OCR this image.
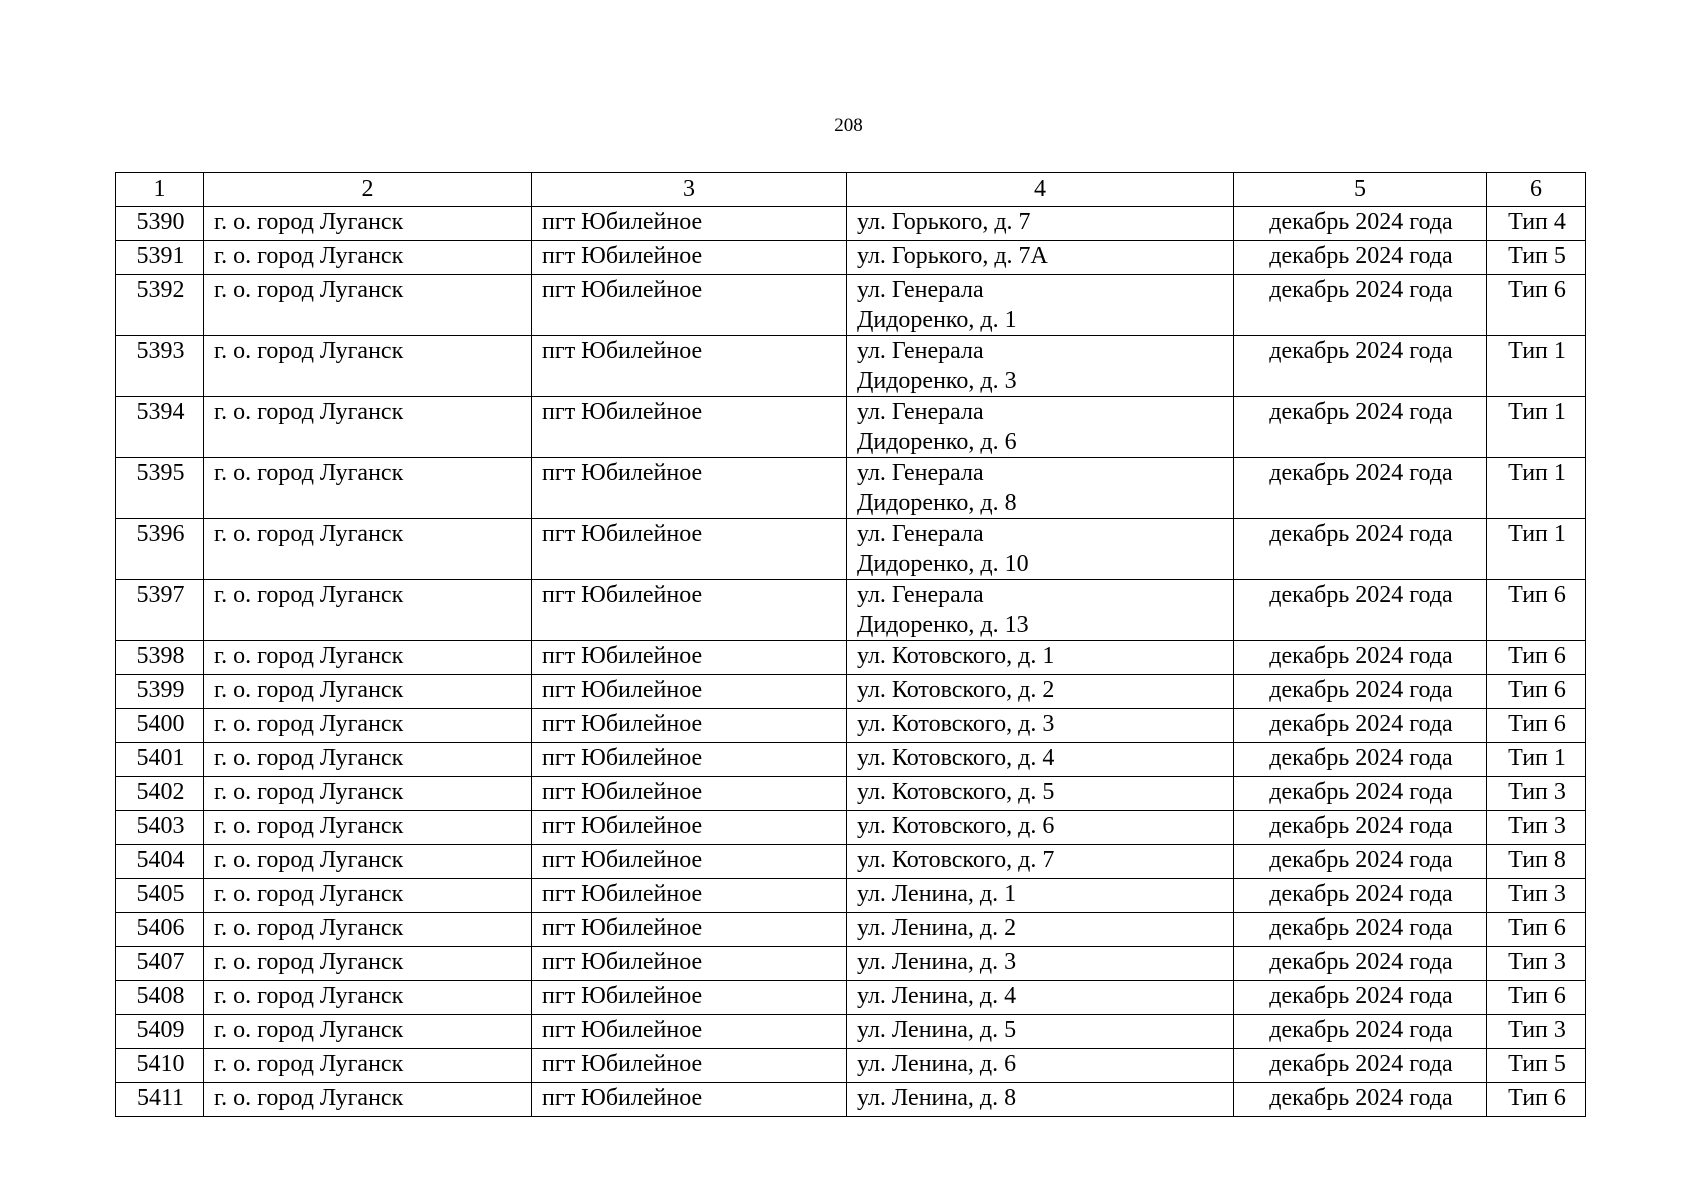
208
1	2	3	4	5	6
5390	г. о. город Луганск	пгт Юбилейное	ул. Горького, д. 7	декабрь 2024 года	Тип 4
5391	г. о. город Луганск	пгт Юбилейное	ул. Горького, д. 7А	декабрь 2024 года	Тип 5
5392	г. о. город Луганск	пгт Юбилейное	ул. Генерала
Дидоренко, д. 1	декабрь 2024 года	Тип 6
5393	г. о. город Луганск	пгт Юбилейное	ул. Генерала
Дидоренко, д. 3	декабрь 2024 года	Тип 1
5394	г. о. город Луганск	пгт Юбилейное	ул. Генерала
Дидоренко, д. 6	декабрь 2024 года	Тип 1
5395	г. о. город Луганск	пгт Юбилейное	ул. Генерала
Дидоренко, д. 8	декабрь 2024 года	Тип 1
5396	г. о. город Луганск	пгт Юбилейное	ул. Генерала
Дидоренко, д. 10	декабрь 2024 года	Тип 1
5397	г. о. город Луганск	пгт Юбилейное	ул. Генерала
Дидоренко, д. 13	декабрь 2024 года	Тип 6
5398	г. о. город Луганск	пгт Юбилейное	ул. Котовского, д. 1	декабрь 2024 года	Тип 6
5399	г. о. город Луганск	пгт Юбилейное	ул. Котовского, д. 2	декабрь 2024 года	Тип 6
5400	г. о. город Луганск	пгт Юбилейное	ул. Котовского, д. 3	декабрь 2024 года	Тип 6
5401	г. о. город Луганск	пгт Юбилейное	ул. Котовского, д. 4	декабрь 2024 года	Тип 1
5402	г. о. город Луганск	пгт Юбилейное	ул. Котовского, д. 5	декабрь 2024 года	Тип 3
5403	г. о. город Луганск	пгт Юбилейное	ул. Котовского, д. 6	декабрь 2024 года	Тип 3
5404	г. о. город Луганск	пгт Юбилейное	ул. Котовского, д. 7	декабрь 2024 года	Тип 8
5405	г. о. город Луганск	пгт Юбилейное	ул. Ленина, д. 1	декабрь 2024 года	Тип 3
5406	г. о. город Луганск	пгт Юбилейное	ул. Ленина, д. 2	декабрь 2024 года	Тип 6
5407	г. о. город Луганск	пгт Юбилейное	ул. Ленина, д. 3	декабрь 2024 года	Тип 3
5408	г. о. город Луганск	пгт Юбилейное	ул. Ленина, д. 4	декабрь 2024 года	Тип 6
5409	г. о. город Луганск	пгт Юбилейное	ул. Ленина, д. 5	декабрь 2024 года	Тип 3
5410	г. о. город Луганск	пгт Юбилейное	ул. Ленина, д. 6	декабрь 2024 года	Тип 5
5411	г. о. город Луганск	пгт Юбилейное	ул. Ленина, д. 8	декабрь 2024 года	Тип 6
